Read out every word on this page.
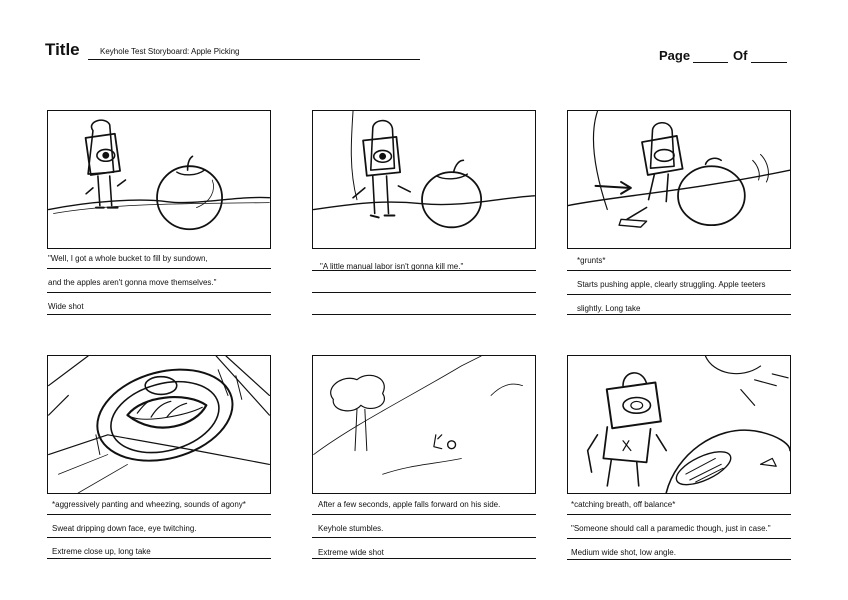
Title	Keyhole Test Storyboard: Apple Picking	Page	Of
"Well, I got a whole bucket to fill by sundown,
and the apples aren't gonna move themselves."
Wide shot
"A little manual labor isn't gonna kill me."
*grunts*
Starts pushing apple, clearly struggling. Apple teeters
slightly. Long take
*aggressively panting and wheezing, sounds of agony*
Sweat dripping down face, eye twitching.
Extreme close up, long take
After a few seconds, apple falls forward on his side.
Keyhole stumbles.
Extreme wide shot
*catching breath, off balance*
"Someone should call a paramedic though, just in case."
Medium wide shot, low angle.
